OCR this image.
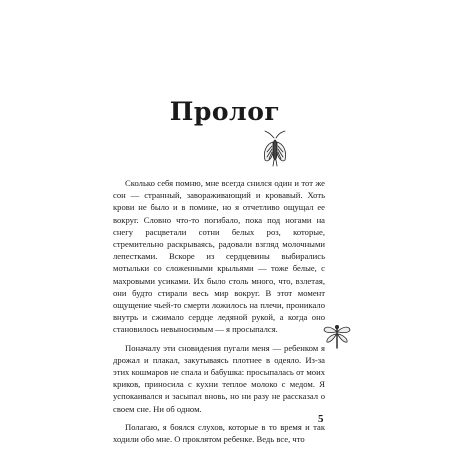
Пролог

Сколько себя помню, мне всегда снился один и тот же сон — странный, завораживающий и кровавый. Хоть крови не было и в помине, но я отчетливо ощущал ее вокруг. Словно что-то погибало, пока под ногами на снегу расцветали сотни белых роз, которые, стремительно раскрываясь, радовали взгляд молочными лепестками. Вскоре из сердцевины выбирались мотыльки со сложенными крыльями — тоже белые, с махровыми усиками. Их было столь много, что, взлетая, они будто стирали весь мир вокруг. В этот момент ощущение чьей-то смерти ложилось на плечи, проникало внутрь и сжимало сердце ледяной рукой, а когда оно становилось невыносимым — я просыпался.

Поначалу эти сновидения пугали меня — ребенком я дрожал и плакал, закутываясь плотнее в одеяло. Из-за этих кошмаров не спала и бабушка: просыпалась от моих криков, приносила с кухни теплое молоко с медом. Я успокаивался и засыпал вновь, но ни разу не рассказал о своем сне. Ни об одном.

Полагаю, я боялся слухов, которые в то время и так ходили обо мне. О проклятом ребенке. Ведь все, что

5
